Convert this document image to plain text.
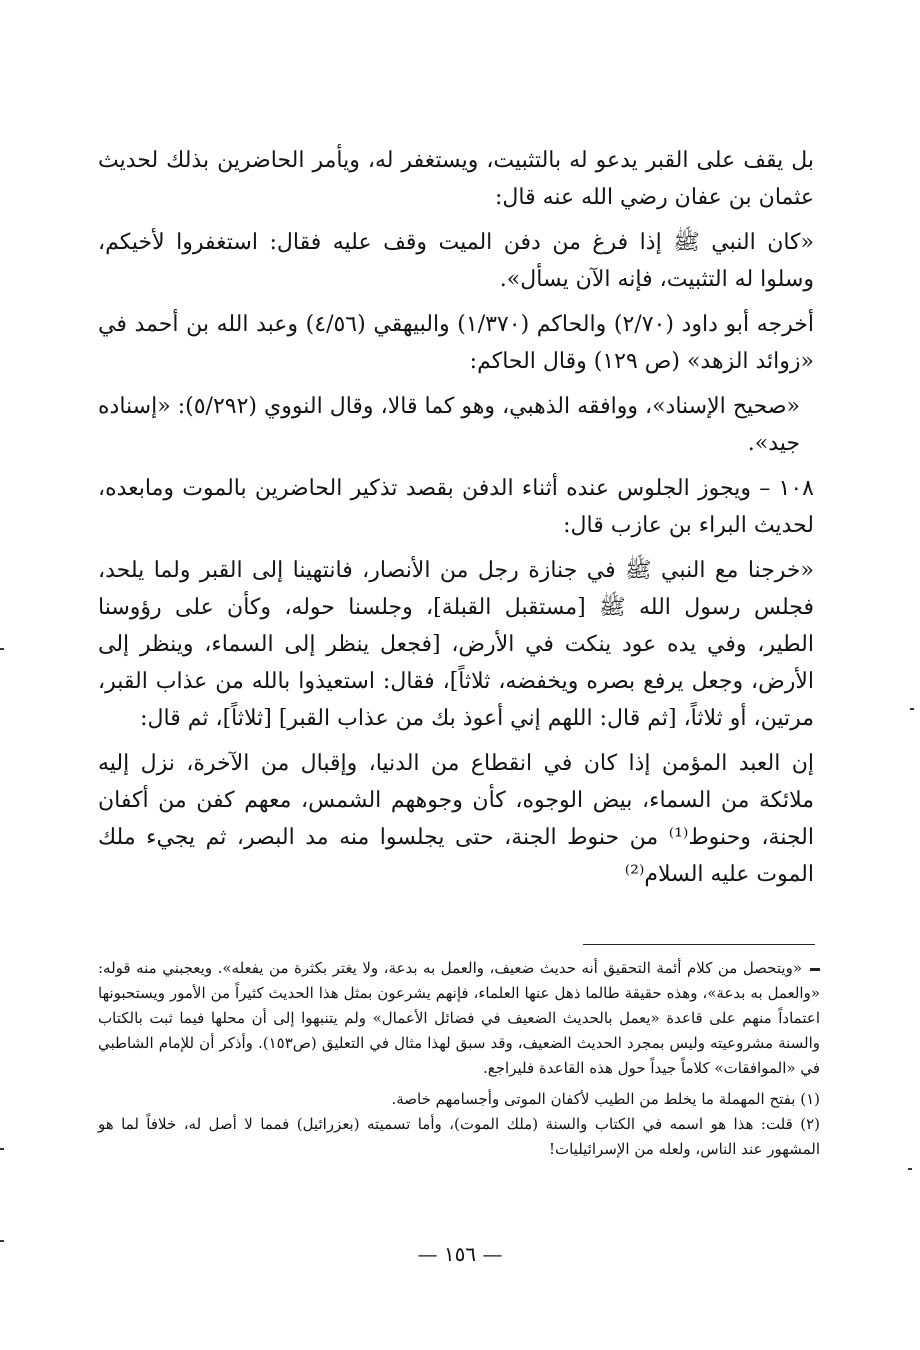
بل يقف على القبر يدعو له بالتثبيت، ويستغفر له، ويأمر الحاضرين بذلك لحديث عثمان بن عفان رضي الله عنه قال:

«كان النبي ﷺ إذا فرغ من دفن الميت وقف عليه فقال: استغفروا لأخيكم، وسلوا له التثبيت، فإنه الآن يسأل».

أخرجه أبو داود (٢/٧٠) والحاكم (١/٣٧٠) والبيهقي (٤/٥٦) وعبد الله بن أحمد في «زوائد الزهد» (ص ١٢٩) وقال الحاكم:

«صحيح الإسناد»، ووافقه الذهبي، وهو كما قالا، وقال النووي (٥/٢٩٢): «إسناده جيد».

١٠٨ – ويجوز الجلوس عنده أثناء الدفن بقصد تذكير الحاضرين بالموت ومابعده، لحديث البراء بن عازب قال:

«خرجنا مع النبي ﷺ في جنازة رجل من الأنصار، فانتهينا إلى القبر ولما يلحد، فجلس رسول الله ﷺ [مستقبل القبلة]، وجلسنا حوله، وكأن على رؤوسنا الطير، وفي يده عود ينكت في الأرض، [فجعل ينظر إلى السماء، وينظر إلى الأرض، وجعل يرفع بصره ويخفضه، ثلاثاً]، فقال: استعيذوا بالله من عذاب القبر، مرتين، أو ثلاثاً، [ثم قال: اللهم إني أعوذ بك من عذاب القبر] [ثلاثاً]، ثم قال:

إن العبد المؤمن إذا كان في انقطاع من الدنيا، وإقبال من الآخرة، نزل إليه ملائكة من السماء، بيض الوجوه، كأن وجوههم الشمس، معهم كفن من أكفان الجنة، وحنوط⁽¹⁾ من حنوط الجنة، حتى يجلسوا منه مد البصر، ثم يجيء ملك الموت عليه السلام⁽²⁾

«ويتحصل من كلام أئمة التحقيق أنه حديث ضعيف، والعمل به بدعة، ولا يغتر بكثرة من يفعله». ويعجبني منه قوله: «والعمل به بدعة»، وهذه حقيقة طالما ذهل عنها العلماء، فإنهم يشرعون بمثل هذا الحديث كثيراً من الأمور ويستحبونها اعتماداً منهم على قاعدة «يعمل بالحديث الضعيف في فضائل الأعمال» ولم يتنبهوا إلى أن محلها فيما ثبت بالكتاب والسنة مشروعيته وليس بمجرد الحديث الضعيف، وقد سبق لهذا مثال في التعليق (ص١٥٣). وأذكر أن للإمام الشاطبي في «الموافقات» كلاماً جيداً حول هذه القاعدة فليراجع.

(١) بفتح المهملة ما يخلط من الطيب لأكفان الموتى وأجسامهم خاصة.

(٢) قلت: هذا هو اسمه في الكتاب والسنة (ملك الموت)، وأما تسميته (بعزرائيل) فمما لا أصل له، خلافاً لما هو المشهور عند الناس، ولعله من الإسرائيليات!

— ١٥٦ —
